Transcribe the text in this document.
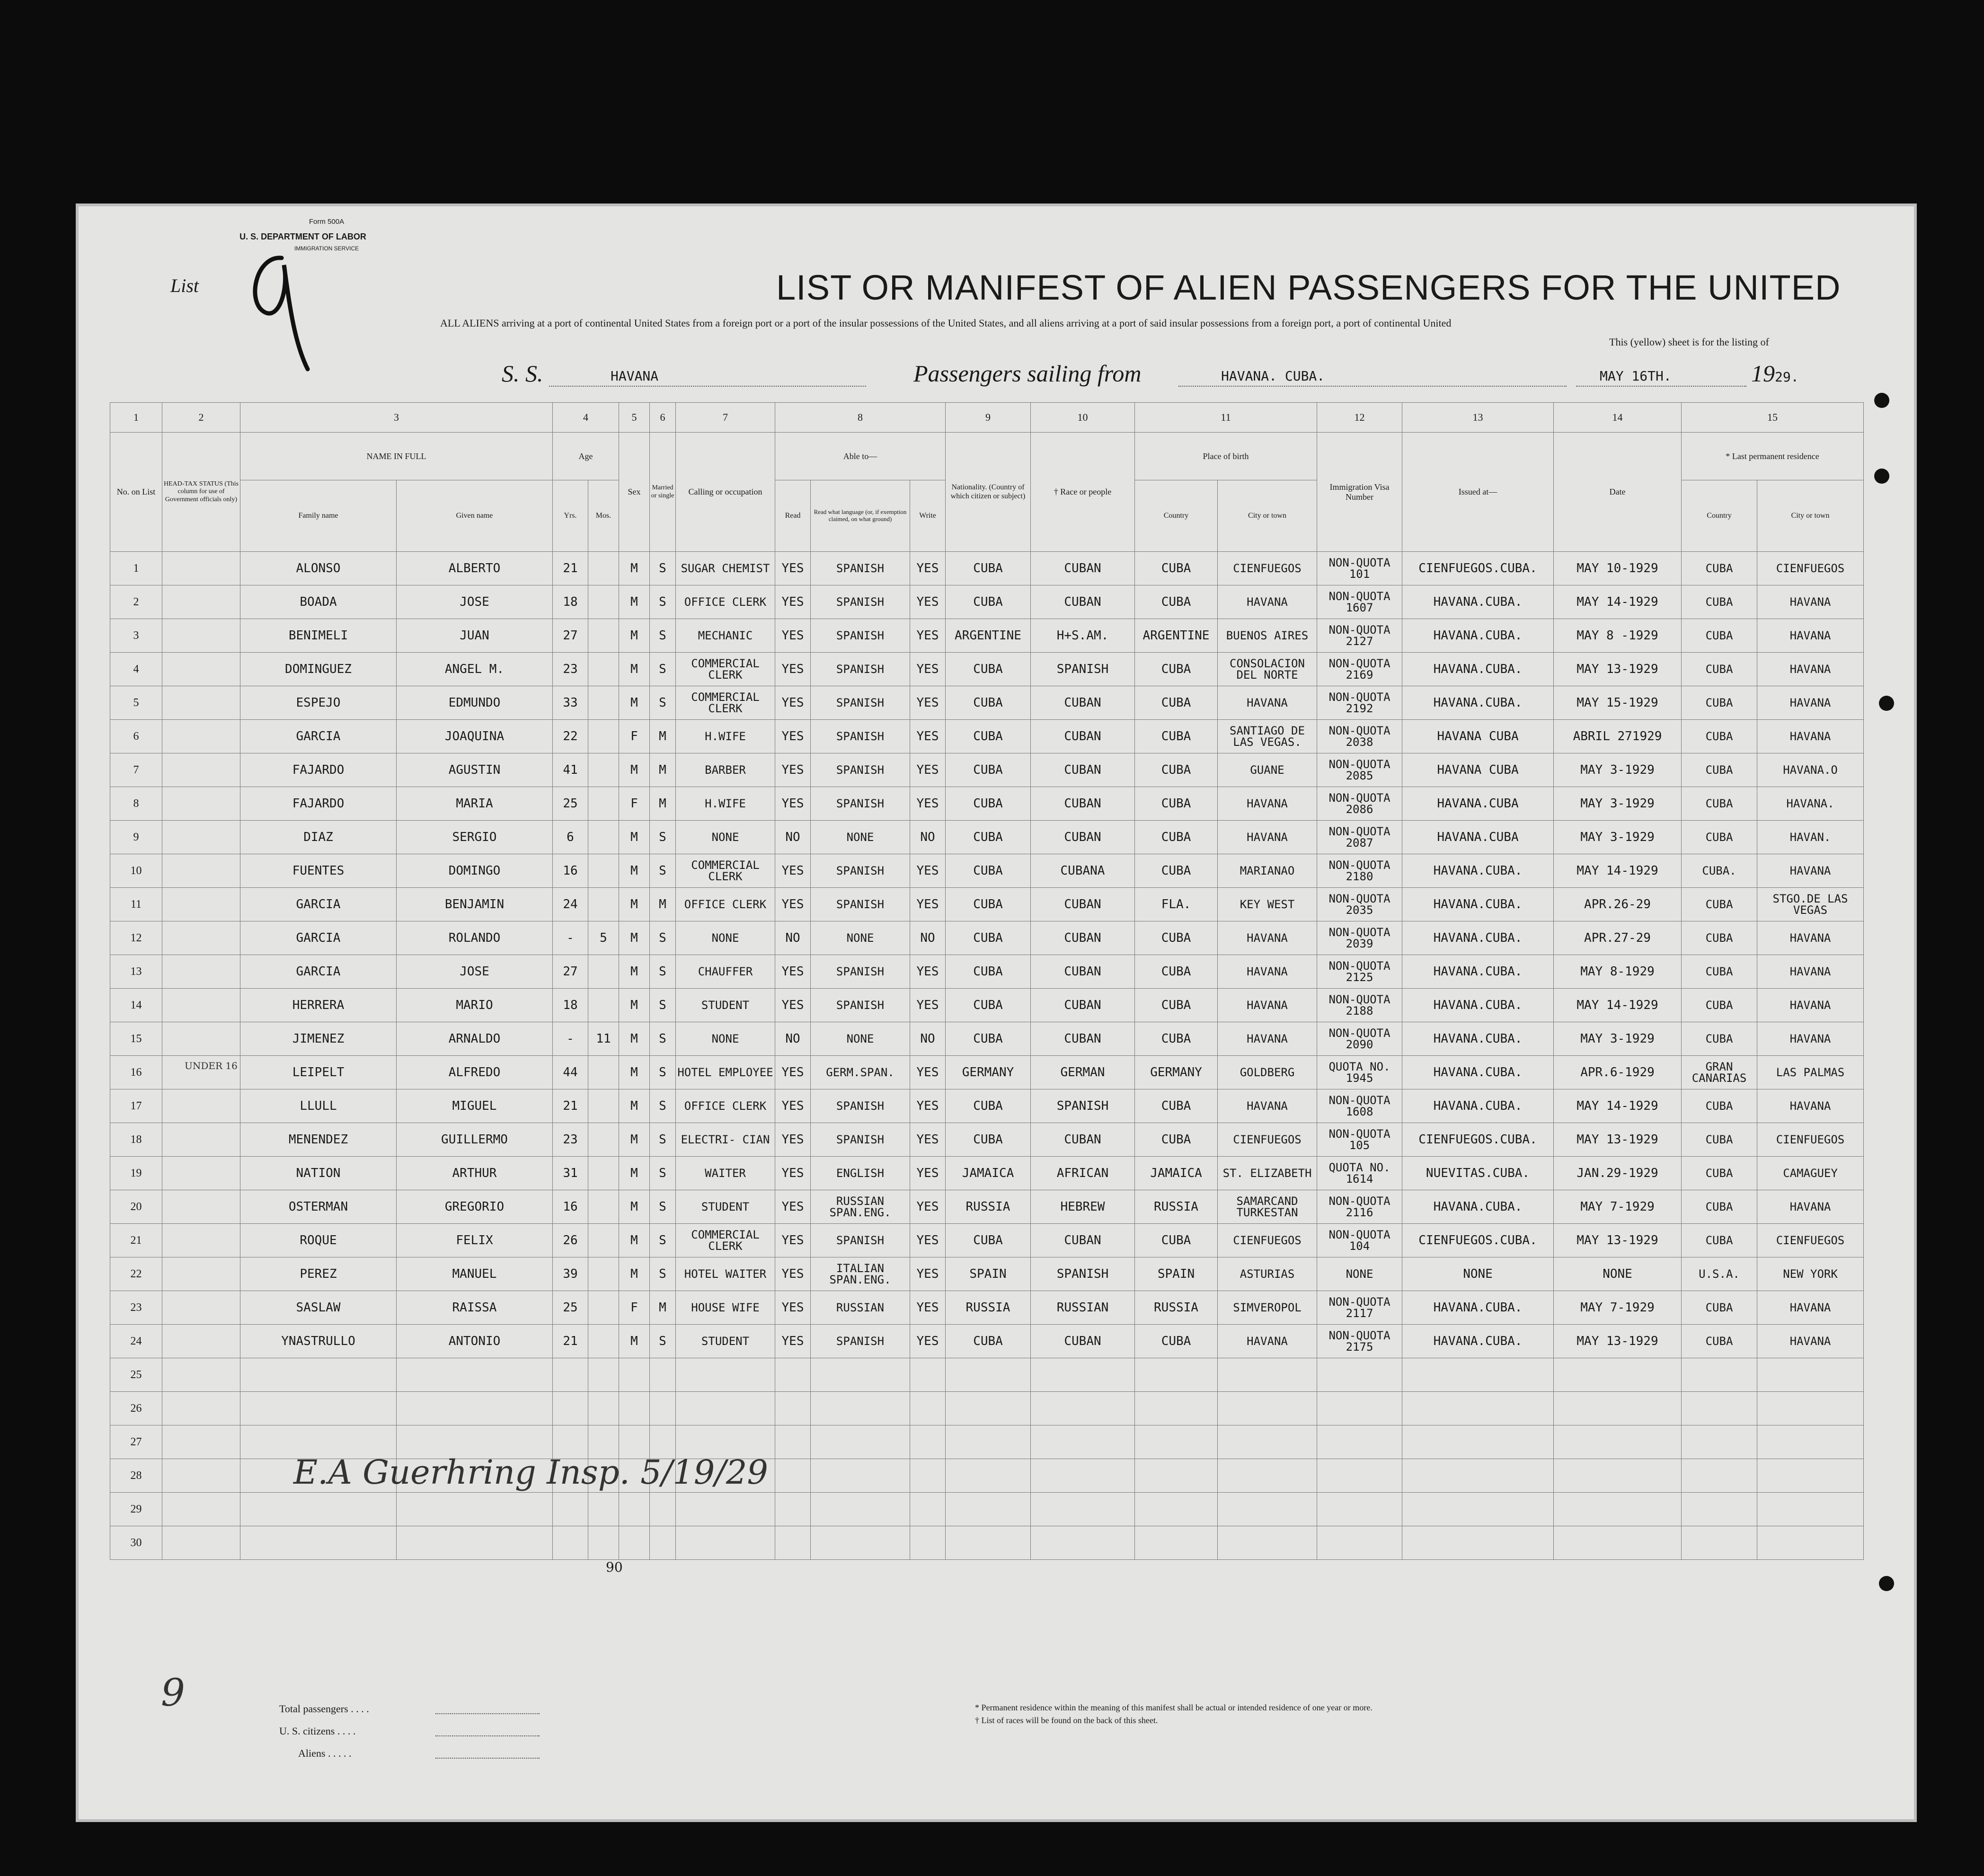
Form 500A
U. S. DEPARTMENT OF LABOR
IMMIGRATION SERVICE
List	LIST OR MANIFEST OF ALIEN PASSENGERS FOR THE UNITED
ALL ALIENS arriving at a port of continental United States from a foreign port or a port of the insular possessions of the United States, and all aliens arriving at a port of said insular possessions from a foreign port, a port of continental United
This (yellow) sheet is for the listing of
S. S.	HAVANA	Passengers sailing from	HAVANA. CUBA.	MAY 16TH.	1929.
1	2	3		4		5	6	7	8			9	10	11		12	13	14	15	
No. on List	HEAD-TAX STATUS (This column for use of Government officials only)	NAME IN FULL		Age		Sex	Married or single	Calling or occupation	Able to—			Nationality. (Country of which citizen or subject)	† Race or people	Place of birth		Immigration Visa Number	Issued at—	Date	* Last permanent residence	
		Family name	Given name	Yrs.	Mos.				Read	Read what language (or, if exemption claimed, on what ground)	Write			Country	City or town				Country	City or town
1		ALONSO	ALBERTO	21		M	S	SUGAR CHEMIST	YES	SPANISH	YES	CUBA	CUBAN	CUBA	CIENFUEGOS	NON-QUOTA 101	CIENFUEGOS.CUBA.	MAY 10-1929	CUBA	CIENFUEGOS
2		BOADA	JOSE	18		M	S	OFFICE CLERK	YES	SPANISH	YES	CUBA	CUBAN	CUBA	HAVANA	NON-QUOTA 1607	HAVANA.CUBA.	MAY 14-1929	CUBA	HAVANA
3		BENIMELI	JUAN	27		M	S	MECHANIC	YES	SPANISH	YES	ARGENTINE	H+S.AM.	ARGENTINE	BUENOS AIRES	NON-QUOTA 2127	HAVANA.CUBA.	MAY 8 -1929	CUBA	HAVANA
4		DOMINGUEZ	ANGEL M.	23		M	S	COMMERCIAL CLERK	YES	SPANISH	YES	CUBA	SPANISH	CUBA	CONSOLACION DEL NORTE	NON-QUOTA 2169	HAVANA.CUBA.	MAY 13-1929	CUBA	HAVANA
5		ESPEJO	EDMUNDO	33		M	S	COMMERCIAL CLERK	YES	SPANISH	YES	CUBA	CUBAN	CUBA	HAVANA	NON-QUOTA 2192	HAVANA.CUBA.	MAY 15-1929	CUBA	HAVANA
6		GARCIA	JOAQUINA	22		F	M	H.WIFE	YES	SPANISH	YES	CUBA	CUBAN	CUBA	SANTIAGO DE LAS VEGAS.	NON-QUOTA 2038	HAVANA CUBA	ABRIL 271929	CUBA	HAVANA
7		FAJARDO	AGUSTIN	41		M	M	BARBER	YES	SPANISH	YES	CUBA	CUBAN	CUBA	GUANE	NON-QUOTA 2085	HAVANA CUBA	MAY 3-1929	CUBA	HAVANA.O
8		FAJARDO	MARIA	25		F	M	H.WIFE	YES	SPANISH	YES	CUBA	CUBAN	CUBA	HAVANA	NON-QUOTA 2086	HAVANA.CUBA	MAY 3-1929	CUBA	HAVANA.
9		DIAZ	SERGIO	6		M	S	NONE	NO	NONE	NO	CUBA	CUBAN	CUBA	HAVANA	NON-QUOTA 2087	HAVANA.CUBA	MAY 3-1929	CUBA	HAVAN.
10		FUENTES	DOMINGO	16		M	S	COMMERCIAL CLERK	YES	SPANISH	YES	CUBA	CUBANA	CUBA	MARIANAO	NON-QUOTA 2180	HAVANA.CUBA.	MAY 14-1929	CUBA.	HAVANA
11		GARCIA	BENJAMIN	24		M	M	OFFICE CLERK	YES	SPANISH	YES	CUBA	CUBAN	FLA.	KEY WEST	NON-QUOTA 2035	HAVANA.CUBA.	APR.26-29	CUBA	STGO.DE LAS VEGAS
12		GARCIA	ROLANDO	-	5	M	S	NONE	NO	NONE	NO	CUBA	CUBAN	CUBA	HAVANA	NON-QUOTA 2039	HAVANA.CUBA.	APR.27-29	CUBA	HAVANA
13		GARCIA	JOSE	27		M	S	CHAUFFER	YES	SPANISH	YES	CUBA	CUBAN	CUBA	HAVANA	NON-QUOTA 2125	HAVANA.CUBA.	MAY 8-1929	CUBA	HAVANA
14		HERRERA	MARIO	18		M	S	STUDENT	YES	SPANISH	YES	CUBA	CUBAN	CUBA	HAVANA	NON-QUOTA 2188	HAVANA.CUBA.	MAY 14-1929	CUBA	HAVANA
15		JIMENEZ	ARNALDO	-	11	M	S	NONE	NO	NONE	NO	CUBA	CUBAN	CUBA	HAVANA	NON-QUOTA 2090	HAVANA.CUBA.	MAY 3-1929	CUBA	HAVANA
16		LEIPELT	ALFREDO	44		M	S	HOTEL EMPLOYEE	YES	GERM.SPAN.	YES	GERMANY	GERMAN	GERMANY	GOLDBERG	QUOTA NO. 1945	HAVANA.CUBA.	APR.6-1929	GRAN CANARIAS	LAS PALMAS
17		LLULL	MIGUEL	21		M	S	OFFICE CLERK	YES	SPANISH	YES	CUBA	SPANISH	CUBA	HAVANA	NON-QUOTA 1608	HAVANA.CUBA.	MAY 14-1929	CUBA	HAVANA
18		MENENDEZ	GUILLERMO	23		M	S	ELECTRI- CIAN	YES	SPANISH	YES	CUBA	CUBAN	CUBA	CIENFUEGOS	NON-QUOTA 105	CIENFUEGOS.CUBA.	MAY 13-1929	CUBA	CIENFUEGOS
19		NATION	ARTHUR	31		M	S	WAITER	YES	ENGLISH	YES	JAMAICA	AFRICAN	JAMAICA	ST. ELIZABETH	QUOTA NO. 1614	NUEVITAS.CUBA.	JAN.29-1929	CUBA	CAMAGUEY
20		OSTERMAN	GREGORIO	16		M	S	STUDENT	YES	RUSSIAN SPAN.ENG.	YES	RUSSIA	HEBREW	RUSSIA	SAMARCAND TURKESTAN	NON-QUOTA 2116	HAVANA.CUBA.	MAY 7-1929	CUBA	HAVANA
21		ROQUE	FELIX	26		M	S	COMMERCIAL CLERK	YES	SPANISH	YES	CUBA	CUBAN	CUBA	CIENFUEGOS	NON-QUOTA 104	CIENFUEGOS.CUBA.	MAY 13-1929	CUBA	CIENFUEGOS
22		PEREZ	MANUEL	39		M	S	HOTEL WAITER	YES	ITALIAN SPAN.ENG.	YES	SPAIN	SPANISH	SPAIN	ASTURIAS	NONE	NONE	NONE	U.S.A.	NEW YORK
23		SASLAW	RAISSA	25		F	M	HOUSE WIFE	YES	RUSSIAN	YES	RUSSIA	RUSSIAN	RUSSIA	SIMVEROPOL	NON-QUOTA 2117	HAVANA.CUBA.	MAY 7-1929	CUBA	HAVANA
24		YNASTRULLO	ANTONIO	21		M	S	STUDENT	YES	SPANISH	YES	CUBA	CUBAN	CUBA	HAVANA	NON-QUOTA 2175	HAVANA.CUBA.	MAY 13-1929	CUBA	HAVANA
25																				
26																				
27																				
28																				
29																				
30																				
UNDER 16
E.A Guerhring Insp. 5/19/29
90
9	Total passengers . . . .
U. S. citizens . . . .
Aliens . . . . .
* Permanent residence within the meaning of this manifest shall be actual or intended residence of one year or more.
† List of races will be found on the back of this sheet.
